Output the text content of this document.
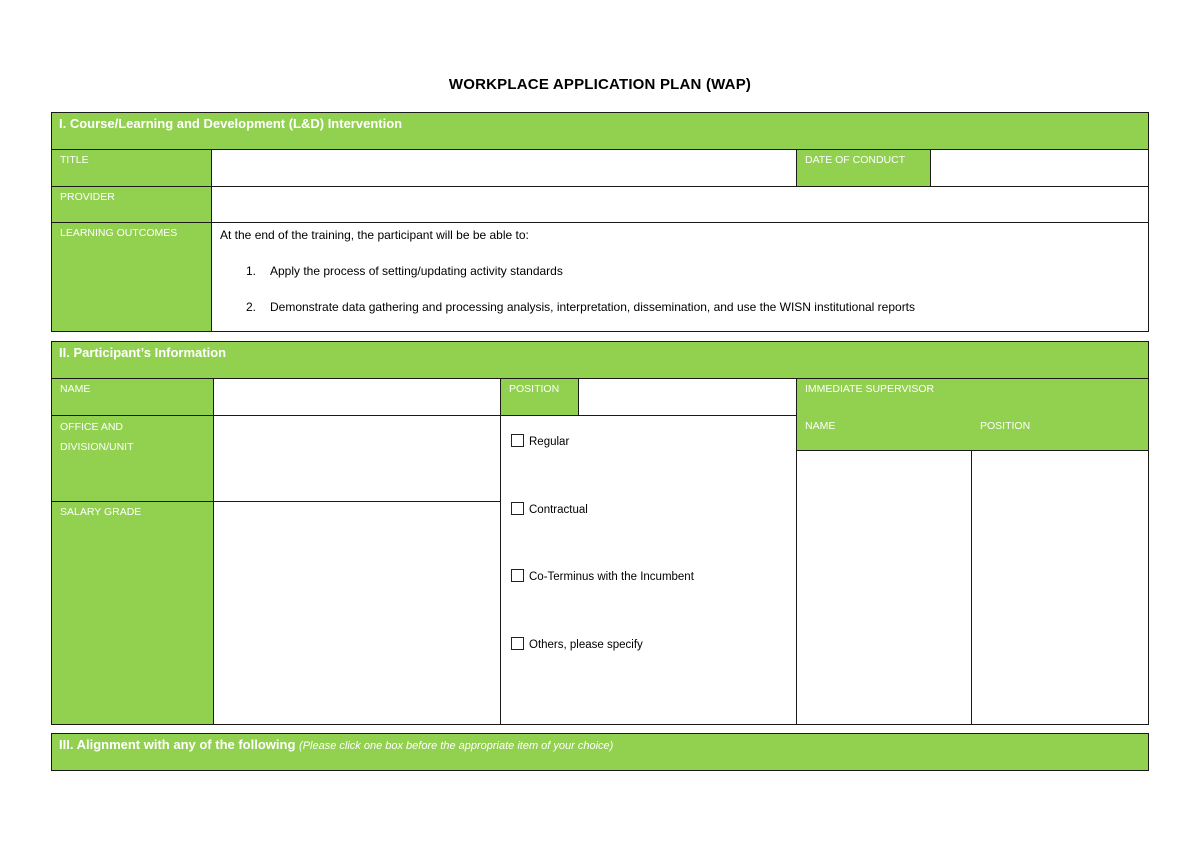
WORKPLACE APPLICATION PLAN (WAP)
I. Course/Learning and Development (L&D) Intervention
TITLE	DATE OF CONDUCT
PROVIDER
LEARNING OUTCOMES	At the end of the training, the participant will be be able to:
1. Apply the process of setting/updating activity standards
2. Demonstrate data gathering and processing analysis, interpretation, dissemination, and use the WISN institutional reports
II. Participant’s Information
NAME	POSITION	IMMEDIATE SUPERVISOR
NAME	POSITION
OFFICE AND
DIVISION/UNIT
SALARY GRADE
Regular
Contractual
Co-Terminus with the Incumbent
Others, please specify
III. Alignment with any of the following (Please click one box before the appropriate item of your choice)
